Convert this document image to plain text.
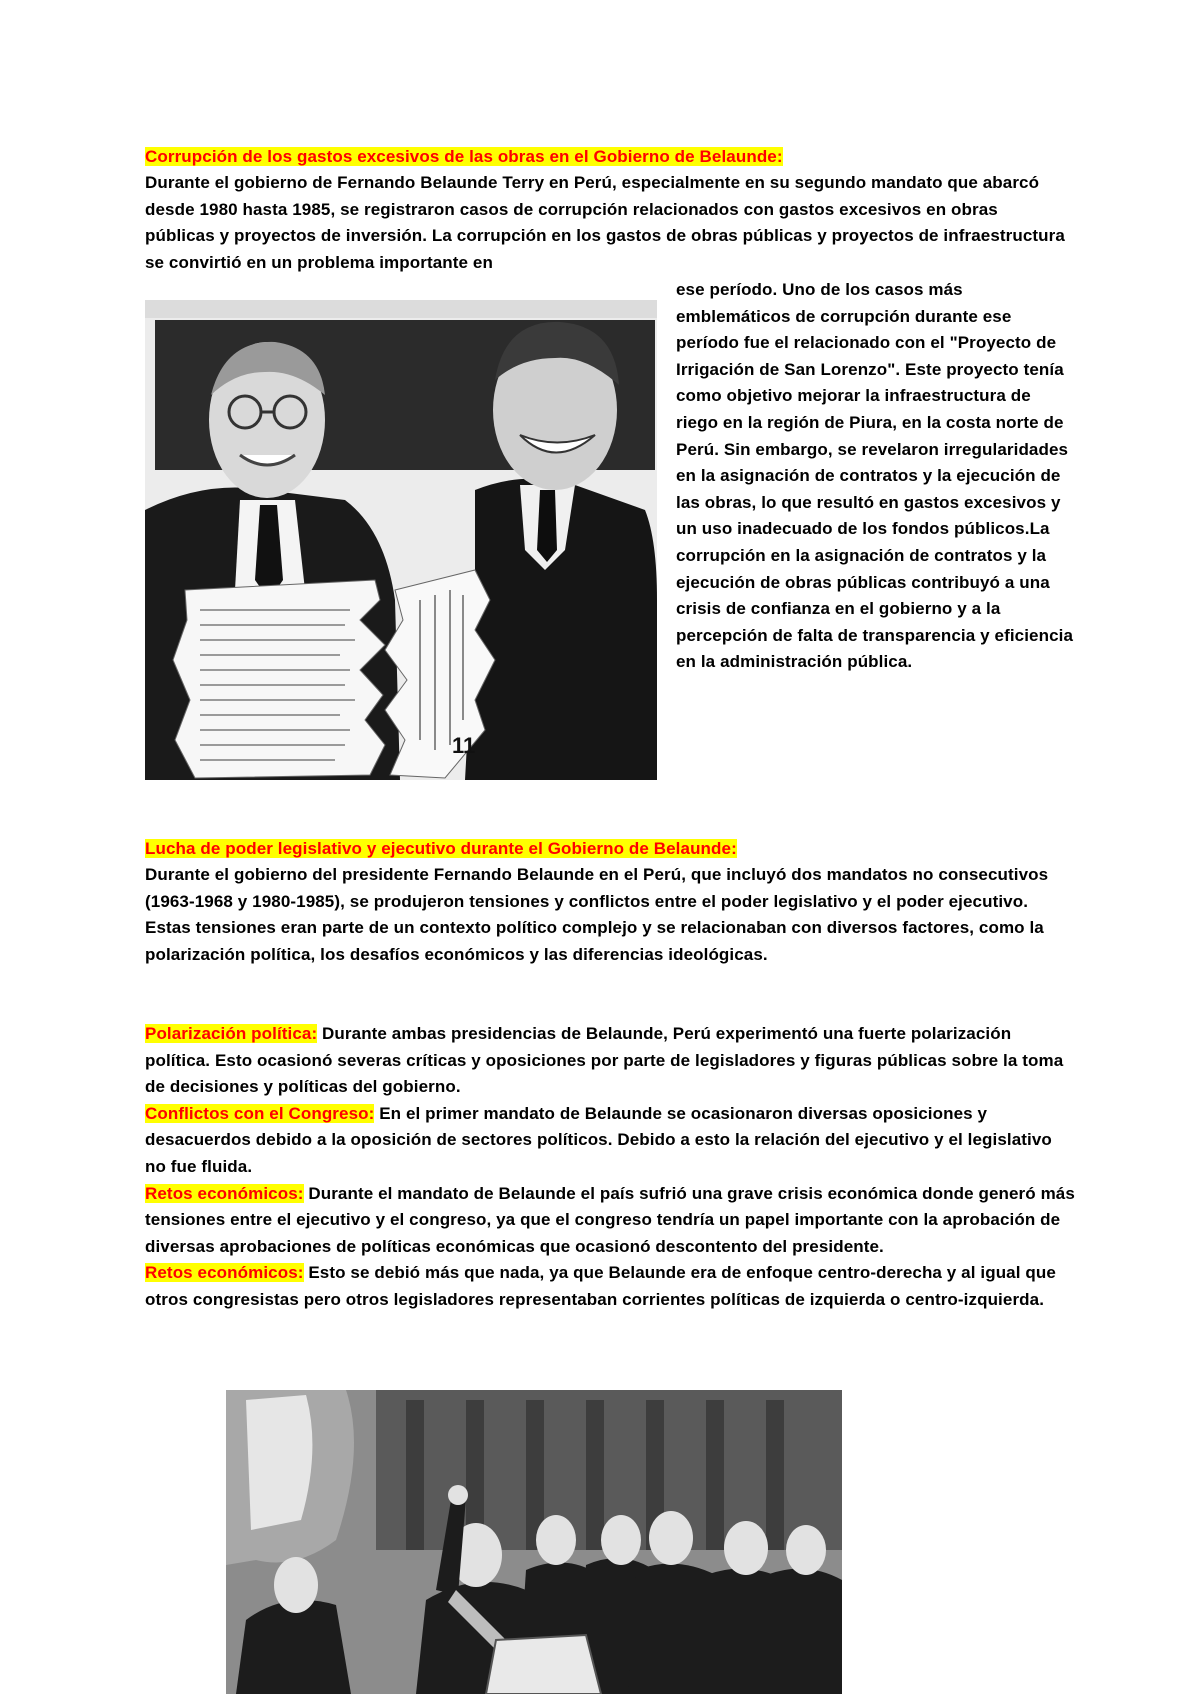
Corrupción de los gastos excesivos de las obras en el Gobierno de Belaunde:
Durante el gobierno de Fernando Belaunde Terry en Perú, especialmente en su segundo mandato que abarcó desde 1980 hasta 1985, se registraron casos de corrupción relacionados con gastos excesivos en obras públicas y proyectos de inversión. La corrupción en los gastos de obras públicas y proyectos de infraestructura se convirtió en un problema importante en
11
ese período. Uno de los casos más emblemáticos de corrupción durante ese período fue el relacionado con el "Proyecto de Irrigación de San Lorenzo". Este proyecto tenía como objetivo mejorar la infraestructura de riego en la región de Piura, en la costa norte de Perú. Sin embargo, se revelaron irregularidades en la asignación de contratos y la ejecución de las obras, lo que resultó en gastos excesivos y un uso inadecuado de los fondos públicos.La corrupción en la asignación de contratos y la ejecución de obras públicas contribuyó a una crisis de confianza en el gobierno y a la percepción de falta de transparencia y eficiencia en la administración pública.
Lucha de poder legislativo y ejecutivo durante el Gobierno de Belaunde:
Durante el gobierno del presidente Fernando Belaunde en el Perú, que incluyó dos mandatos no consecutivos (1963-1968 y 1980-1985), se produjeron tensiones y conflictos entre el poder legislativo y el poder ejecutivo. Estas tensiones eran parte de un contexto político complejo y se relacionaban con diversos factores, como la polarización política, los desafíos económicos y las diferencias ideológicas.

Polarización política: Durante ambas presidencias de Belaunde, Perú experimentó una fuerte polarización política. Esto ocasionó severas críticas y oposiciones por parte de legisladores y figuras públicas sobre la toma de decisiones y políticas del gobierno.

Conflictos con el Congreso: En el primer mandato de Belaunde se ocasionaron diversas oposiciones y desacuerdos debido a la oposición de sectores políticos. Debido a esto la relación del ejecutivo y el legislativo no fue fluida.

Retos económicos: Durante el mandato de Belaunde el país sufrió una grave crisis económica donde generó más tensiones entre el ejecutivo y el congreso, ya que el congreso tendría un papel importante con la aprobación de diversas aprobaciones de políticas económicas que ocasionó descontento del presidente.

Retos económicos: Esto se debió más que nada, ya que Belaunde era de enfoque centro-derecha y al igual que otros congresistas pero otros legisladores representaban corrientes políticas de izquierda o centro-izquierda.
